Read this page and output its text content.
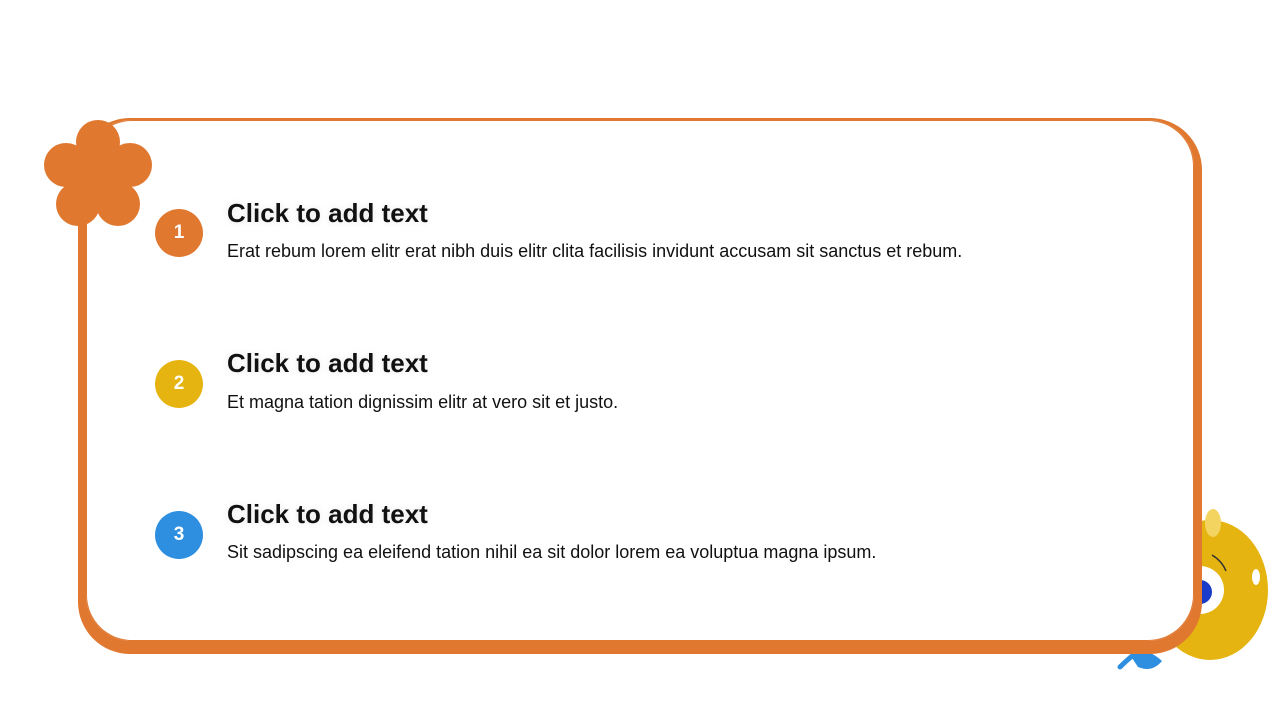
1
Click to add text
Erat rebum lorem elitr erat nibh duis elitr clita facilisis invidunt accusam sit sanctus et rebum.
2
Click to add text
Et magna tation dignissim elitr at vero sit et justo.
3
Click to add text
Sit sadipscing ea eleifend tation nihil ea sit dolor lorem ea voluptua magna ipsum.
